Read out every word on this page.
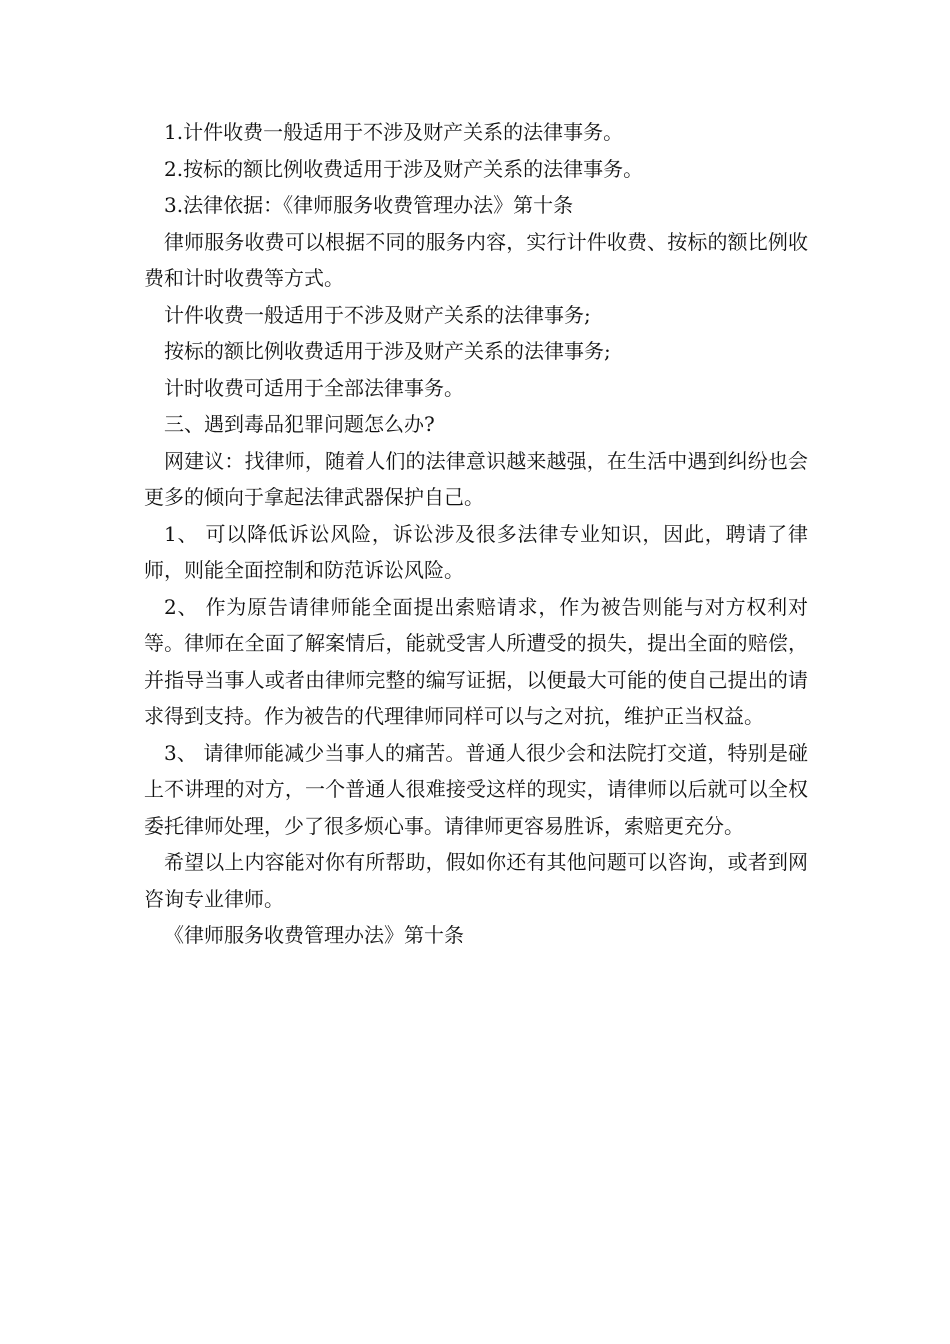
1.计件收费一般适用于不涉及财产关系的法律事务。

2.按标的额比例收费适用于涉及财产关系的法律事务。

3.法律依据：《律师服务收费管理办法》第十条

律师服务收费可以根据不同的服务内容，实行计件收费、按标的额比例收费和计时收费等方式。

计件收费一般适用于不涉及财产关系的法律事务;

按标的额比例收费适用于涉及财产关系的法律事务;

计时收费可适用于全部法律事务。

三、遇到毒品犯罪问题怎么办?

网建议：找律师，随着人们的法律意识越来越强，在生活中遇到纠纷也会更多的倾向于拿起法律武器保护自己。

1、 可以降低诉讼风险，诉讼涉及很多法律专业知识，因此，聘请了律师，则能全面控制和防范诉讼风险。

2、 作为原告请律师能全面提出索赔请求，作为被告则能与对方权利对等。律师在全面了解案情后，能就受害人所遭受的损失，提出全面的赔偿，并指导当事人或者由律师完整的编写证据，以便最大可能的使自己提出的请求得到支持。作为被告的代理律师同样可以与之对抗，维护正当权益。

3、 请律师能减少当事人的痛苦。普通人很少会和法院打交道，特别是碰上不讲理的对方，一个普通人很难接受这样的现实，请律师以后就可以全权委托律师处理，少了很多烦心事。请律师更容易胜诉，索赔更充分。

希望以上内容能对你有所帮助，假如你还有其他问题可以咨询，或者到网咨询专业律师。

《律师服务收费管理办法》第十条
